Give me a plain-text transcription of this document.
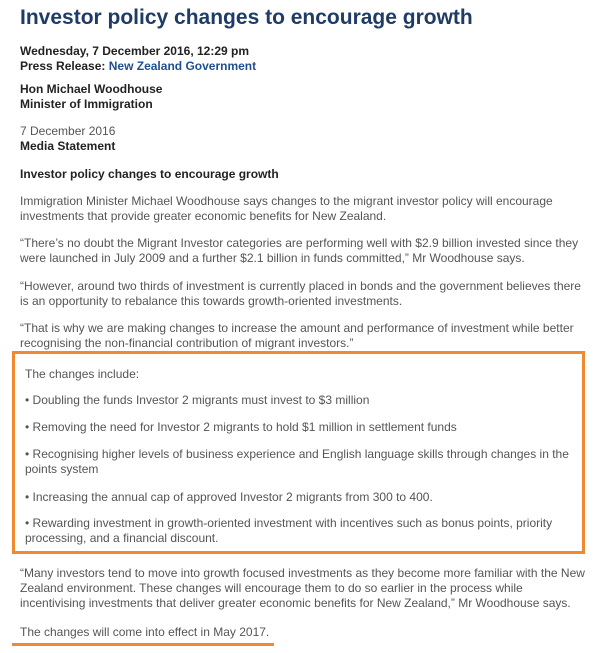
Investor policy changes to encourage growth
Wednesday, 7 December 2016, 12:29 pm
Press Release: New Zealand Government
Hon Michael Woodhouse
Minister of Immigration
7 December 2016
Media Statement
Investor policy changes to encourage growth

Immigration Minister Michael Woodhouse says changes to the migrant investor policy will encourage investments that provide greater economic benefits for New Zealand.

“There’s no doubt the Migrant Investor categories are performing well with $2.9 billion invested since they were launched in July 2009 and a further $2.1 billion in funds committed,” Mr Woodhouse says.

“However, around two thirds of investment is currently placed in bonds and the government believes there is an opportunity to rebalance this towards growth-oriented investments.

“That is why we are making changes to increase the amount and performance of investment while better recognising the non-financial contribution of migrant investors.”

The changes include:

• Doubling the funds Investor 2 migrants must invest to $3 million

• Removing the need for Investor 2 migrants to hold $1 million in settlement funds

• Recognising higher levels of business experience and English language skills through changes in the points system

• Increasing the annual cap of approved Investor 2 migrants from 300 to 400.

• Rewarding investment in growth-oriented investment with incentives such as bonus points, priority processing, and a financial discount.

“Many investors tend to move into growth focused investments as they become more familiar with the New Zealand environment. These changes will encourage them to do so earlier in the process while incentivising investments that deliver greater economic benefits for New Zealand,” Mr Woodhouse says.

The changes will come into effect in May 2017.
